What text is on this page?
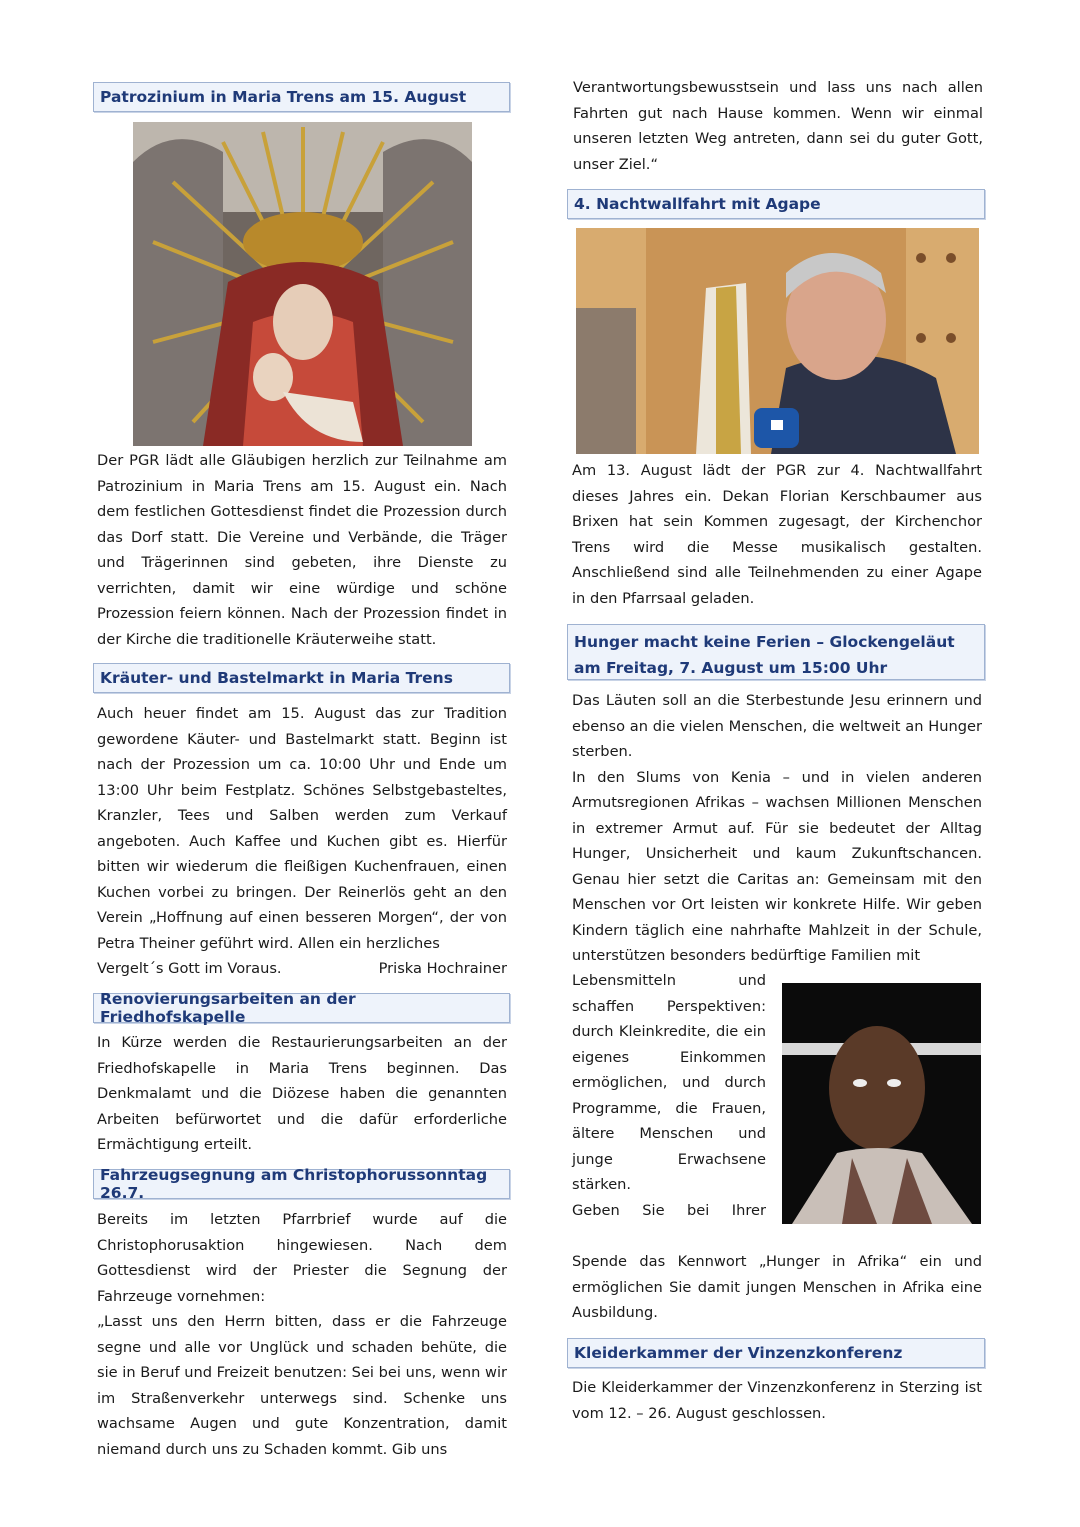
Patrozinium in Maria Trens am 15. August

Der PGR lädt alle Gläubigen herzlich zur Teilnahme am Patrozinium in Maria Trens am 15. August ein. Nach dem festlichen Gottesdienst findet die Prozession durch das Dorf statt. Die Vereine und Verbände, die Träger und Trägerinnen sind gebeten, ihre Dienste zu verrichten, damit wir eine würdige und schöne Prozession feiern können. Nach der Prozession findet in der Kirche die traditionelle Kräuterweihe statt.

Kräuter- und Bastelmarkt in Maria Trens

Auch heuer findet am 15. August das zur Tradition gewordene Käuter- und Bastelmarkt statt. Beginn ist nach der Prozession um ca. 10:00 Uhr und Ende um 13:00 Uhr beim Festplatz. Schönes Selbstgebasteltes, Kranzler, Tees und Salben werden zum Verkauf angeboten. Auch Kaffee und Kuchen gibt es. Hierfür bitten wir wiederum die fleißigen Kuchenfrauen, einen Kuchen vorbei zu bringen. Der Reinerlös geht an den Verein „Hoffnung auf einen besseren Morgen“, der von Petra Theiner geführt wird. Allen ein herzliches

Vergelt´s Gott im Voraus.	Priska Hochrainer
Renovierungsarbeiten an der Friedhofskapelle

In Kürze werden die Restaurierungsarbeiten an der Friedhofskapelle in Maria Trens beginnen. Das Denkmalamt und die Diözese haben die genannten Arbeiten befürwortet und die dafür erforderliche Ermächtigung erteilt.

Fahrzeugsegnung am Christophorussonntag 26.7.

Bereits im letzten Pfarrbrief wurde auf die Christophorusaktion hingewiesen. Nach dem Gottesdienst wird der Priester die Segnung der Fahrzeuge vornehmen:

„Lasst uns den Herrn bitten, dass er die Fahrzeuge segne und alle vor Unglück und schaden behüte, die sie in Beruf und Freizeit benutzen: Sei bei uns, wenn wir im Straßenverkehr unterwegs sind. Schenke uns wachsame Augen und gute Konzentration, damit niemand durch uns zu Schaden kommt. Gib uns

Verantwortungsbewusstsein und lass uns nach allen Fahrten gut nach Hause kommen. Wenn wir einmal unseren letzten Weg antreten, dann sei du guter Gott, unser Ziel.“

4. Nachtwallfahrt mit Agape

Am 13. August lädt der PGR zur 4. Nachtwallfahrt dieses Jahres ein. Dekan Florian Kerschbaumer aus Brixen hat sein Kommen zugesagt, der Kirchenchor Trens wird die Messe musikalisch gestalten. Anschließend sind alle Teilnehmenden zu einer Agape in den Pfarrsaal geladen.

Hunger macht keine Ferien – Glockengeläut am Freitag, 7. August um 15:00 Uhr

Das Läuten soll an die Sterbestunde Jesu erinnern und ebenso an die vielen Menschen, die weltweit an Hunger sterben.

In den Slums von Kenia – und in vielen anderen Armutsregionen Afrikas – wachsen Millionen Menschen in extremer Armut auf. Für sie bedeutet der Alltag Hunger, Unsicherheit und kaum Zukunftschancen. Genau hier setzt die Caritas an: Gemeinsam mit den Menschen vor Ort leisten wir konkrete Hilfe. Wir geben Kindern täglich eine nahrhafte Mahlzeit in der Schule, unterstützen besonders bedürftige Familien mit

Lebensmitteln und schaffen Perspektiven: durch Kleinkredite, die ein eigenes Einkommen ermöglichen, und durch Programme, die Frauen, ältere Menschen und junge Erwachsene stärken.

Geben Sie bei Ihrer

Spende das Kennwort „Hunger in Afrika“ ein und ermöglichen Sie damit jungen Menschen in Afrika eine Ausbildung.

Kleiderkammer der Vinzenzkonferenz

Die Kleiderkammer der Vinzenzkonferenz in Sterzing ist vom 12. – 26. August geschlossen.
